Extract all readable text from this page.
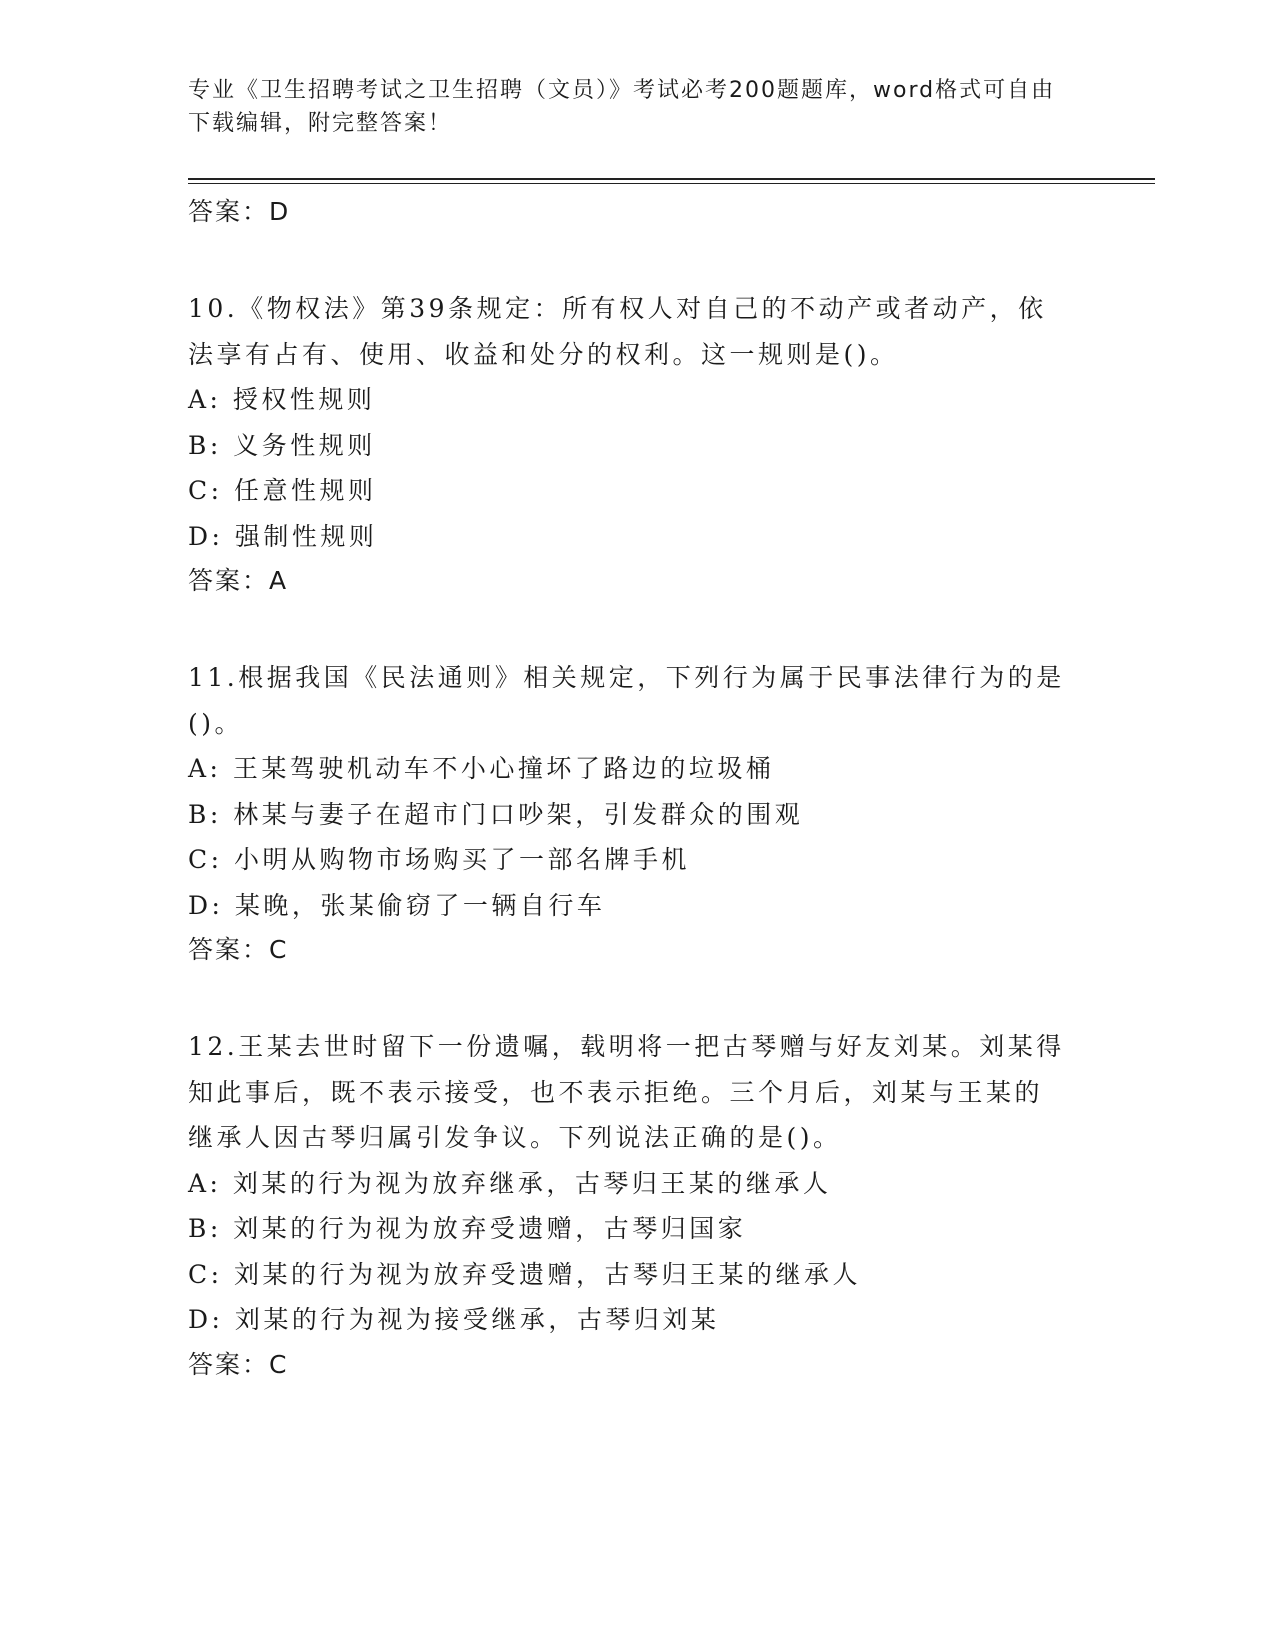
专业《卫生招聘考试之卫生招聘（文员）》考试必考200题题库，word格式可自由下载编辑，附完整答案！
答案：D
10.《物权法》第39条规定：所有权人对自己的不动产或者动产，依法享有占有、使用、收益和处分的权利。这一规则是()。
A: 授权性规则
B: 义务性规则
C: 任意性规则
D: 强制性规则
答案：A
11.根据我国《民法通则》相关规定，下列行为属于民事法律行为的是()。
A: 王某驾驶机动车不小心撞坏了路边的垃圾桶
B: 林某与妻子在超市门口吵架，引发群众的围观
C: 小明从购物市场购买了一部名牌手机
D: 某晚，张某偷窃了一辆自行车
答案：C
12.王某去世时留下一份遗嘱，载明将一把古琴赠与好友刘某。刘某得知此事后，既不表示接受，也不表示拒绝。三个月后，刘某与王某的继承人因古琴归属引发争议。下列说法正确的是()。
A: 刘某的行为视为放弃继承，古琴归王某的继承人
B: 刘某的行为视为放弃受遗赠，古琴归国家
C: 刘某的行为视为放弃受遗赠，古琴归王某的继承人
D: 刘某的行为视为接受继承，古琴归刘某
答案：C
